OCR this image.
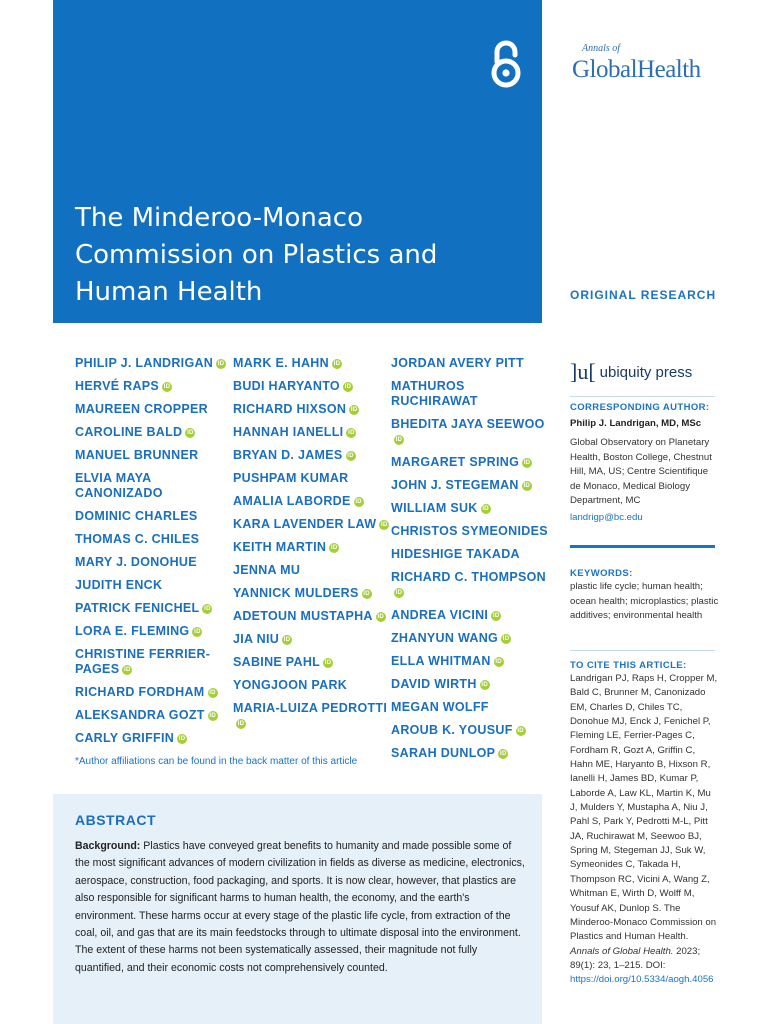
The Minderoo-Monaco
Commission on Plastics and
Human Health
Annals of
GlobalHealth
ORIGINAL RESEARCH
PHILIP J. LANDRIGAN ID
HERVÉ RAPS ID
MAUREEN CROPPER
CAROLINE BALD ID
MANUEL BRUNNER
ELVIA MAYA CANONIZADO
DOMINIC CHARLES
THOMAS C. CHILES
MARY J. DONOHUE
JUDITH ENCK
PATRICK FENICHEL ID
LORA E. FLEMING ID
CHRISTINE FERRIER-PAGES ID
RICHARD FORDHAM ID
ALEKSANDRA GOZT ID
CARLY GRIFFIN ID
MARK E. HAHN ID
BUDI HARYANTO ID
RICHARD HIXSON ID
HANNAH IANELLI ID
BRYAN D. JAMES ID
PUSHPAM KUMAR
AMALIA LABORDE ID
KARA LAVENDER LAW ID
KEITH MARTIN ID
JENNA MU
YANNICK MULDERS ID
ADETOUN MUSTAPHA ID
JIA NIU ID
SABINE PAHL ID
YONGJOON PARK
MARIA-LUIZA PEDROTTIID
JORDAN AVERY PITT
MATHUROS RUCHIRAWAT
BHEDITA JAYA SEEWOOID
MARGARET SPRING ID
JOHN J. STEGEMAN ID
WILLIAM SUK ID
CHRISTOS SYMEONIDES
HIDESHIGE TAKADA
RICHARD C. THOMPSONID
ANDREA VICINI ID
ZHANYUN WANG ID
ELLA WHITMAN ID
DAVID WIRTH ID
MEGAN WOLFF
AROUB K. YOUSUF ID
SARAH DUNLOP ID
*Author affiliations can be found in the back matter of this article
ABSTRACT
Background: Plastics have conveyed great benefits to humanity and made possible some of the most significant advances of modern civilization in fields as diverse as medicine, electronics, aerospace, construction, food packaging, and sports. It is now clear, however, that plastics are also responsible for significant harms to human health, the economy, and the earth's environment. These harms occur at every stage of the plastic life cycle, from extraction of the coal, oil, and gas that are its main feedstocks through to ultimate disposal into the environment. The extent of these harms not been systematically assessed, their magnitude not fully quantified, and their economic costs not comprehensively counted.
]u[ ubiquity press
CORRESPONDING AUTHOR:
Philip J. Landrigan, MD, MSc
Global Observatory on Planetary Health, Boston College, Chestnut Hill, MA, US; Centre Scientifique de Monaco, Medical Biology Department, MC
landrigp@bc.edu
KEYWORDS:
plastic life cycle; human health; ocean health; microplastics; plastic additives; environmental health
TO CITE THIS ARTICLE:
Landrigan PJ, Raps H, Cropper M, Bald C, Brunner M, Canonizado EM, Charles D, Chiles TC, Donohue MJ, Enck J, Fenichel P, Fleming LE, Ferrier-Pages C, Fordham R, Gozt A, Griffin C, Hahn ME, Haryanto B, Hixson R, Ianelli H, James BD, Kumar P, Laborde A, Law KL, Martin K, Mu J, Mulders Y, Mustapha A, Niu J, Pahl S, Park Y, Pedrotti M-L, Pitt JA, Ruchirawat M, Seewoo BJ, Spring M, Stegeman JJ, Suk W, Symeonides C, Takada H, Thompson RC, Vicini A, Wang Z, Whitman E, Wirth D, Wolff M, Yousuf AK, Dunlop S. The Minderoo-Monaco Commission on Plastics and Human Health. Annals of Global Health. 2023; 89(1): 23, 1–215. DOI: https://doi.org/10.5334/aogh.4056
